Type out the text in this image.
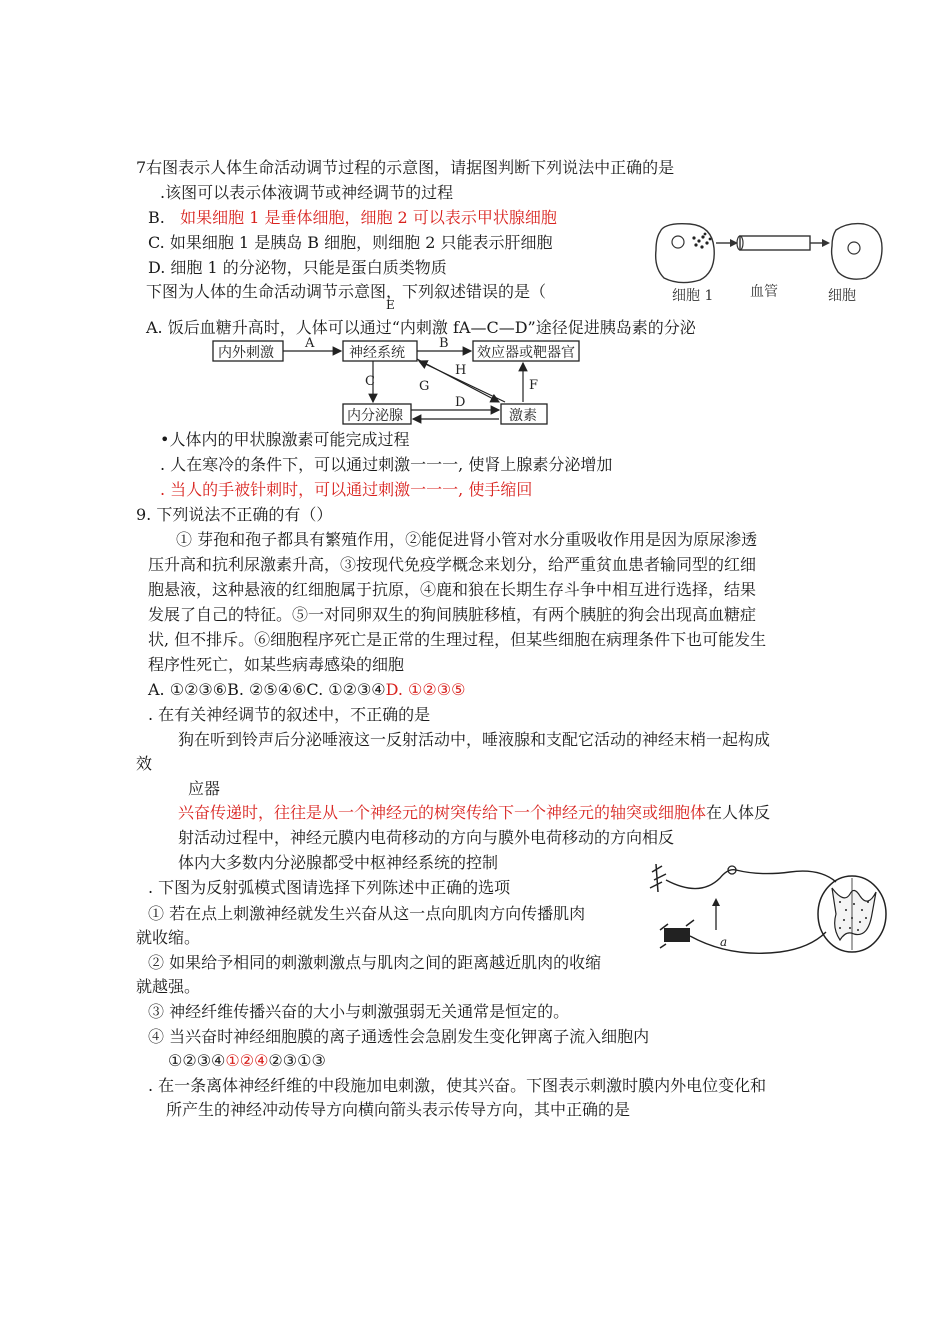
7右图表示人体生命活动调节过程的示意图，请据图判断下列说法中正确的是
.该图可以表示体液调节或神经调节的过程
B. 如果细胞 1 是垂体细胞，细胞 2 可以表示甲状腺细胞
C. 如果细胞 1 是胰岛 B 细胞，则细胞 2 只能表示肝细胞
D. 细胞 1 的分泌物，只能是蛋白质类物质
细胞 1	血管	细胞
下图为人体的生命活动调节示意图，下列叙述错误的是（
E
A. 饭后血糖升高时，人体可以通过“内刺激 fA—C—D”途径促进胰岛素的分泌
内外刺激	神经系统	效应器或靶器官
内分泌腺	激素
A	B
C
D
F
G
H
•人体内的甲状腺激素可能完成过程
. 人在寒冷的条件下，可以通过刺激一一一, 使肾上腺素分泌增加
. 当人的手被针刺时，可以通过刺激一一一, 使手缩回
9. 下列说法不正确的有（）
① 芽孢和孢子都具有繁殖作用，②能促进肾小管对水分重吸收作用是因为原尿渗透
压升高和抗利尿激素升高，③按现代免疫学概念来划分，给严重贫血患者输同型的红细
胞悬液，这种悬液的红细胞属于抗原，④鹿和狼在长期生存斗争中相互进行选择，结果
发展了自己的特征。⑤一对同卵双生的狗间胰脏移植，有两个胰脏的狗会出现高血糖症
状, 但不排斥。⑥细胞程序死亡是正常的生理过程，但某些细胞在病理条件下也可能发生
程序性死亡，如某些病毒感染的细胞
A. ①②③⑥B. ②⑤④⑥C. ①②③④D. ①②③⑤
. 在有关神经调节的叙述中，不正确的是
狗在听到铃声后分泌唾液这一反射活动中，唾液腺和支配它活动的神经末梢一起构成
效
应器
兴奋传递时，往往是从一个神经元的树突传给下一个神经元的轴突或细胞体在人体反
射活动过程中，神经元膜内电荷移动的方向与膜外电荷移动的方向相反
体内大多数内分泌腺都受中枢神经系统的控制
. 下图为反射弧模式图请选择下列陈述中正确的选项
① 若在点上刺激神经就发生兴奋从这一点向肌肉方向传播肌肉
就收缩。
② 如果给予相同的刺激刺激点与肌肉之间的距离越近肌肉的收缩
就越强。
③ 神经纤维传播兴奋的大小与刺激强弱无关通常是恒定的。
④ 当兴奋时神经细胞膜的离子通透性会急剧发生变化钾离子流入细胞内
①②③④①②④②③①③
a
. 在一条离体神经纤维的中段施加电刺激，使其兴奋。下图表示刺激时膜内外电位变化和
所产生的神经冲动传导方向横向箭头表示传导方向，其中正确的是
